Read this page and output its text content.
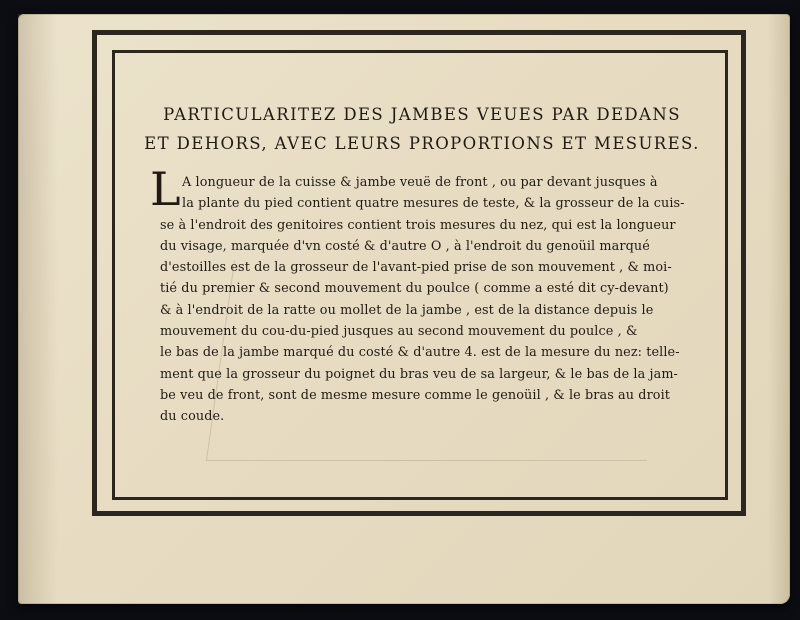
PARTICULARITEZ DES JAMBES VEUES PAR DEDANS
ET DEHORS, AVEC LEURS PROPORTIONS ET MESURES.
L A longueur de la cuisse & jambe veuë de front , ou par devant jusques à
la plante du pied contient quatre mesures de teste, & la grosseur de la cuis-
se à l'endroit des genitoires contient trois mesures du nez, qui est la longueur
du visage, marquée d'vn costé & d'autre O , à l'endroit du genoüil marqué
d'estoilles est de la grosseur de l'avant-pied prise de son mouvement , & moi-
tié du premier & second mouvement du poulce ( comme a esté dit cy-devant)
& à l'endroit de la ratte ou mollet de la jambe , est de la distance depuis le
mouvement du cou-du-pied jusques au second mouvement du poulce , &
le bas de la jambe marqué du costé & d'autre 4. est de la mesure du nez: telle-
ment que la grosseur du poignet du bras veu de sa largeur, & le bas de la jam-
be veu de front, sont de mesme mesure comme le genoüil , & le bras au droit
du coude.
